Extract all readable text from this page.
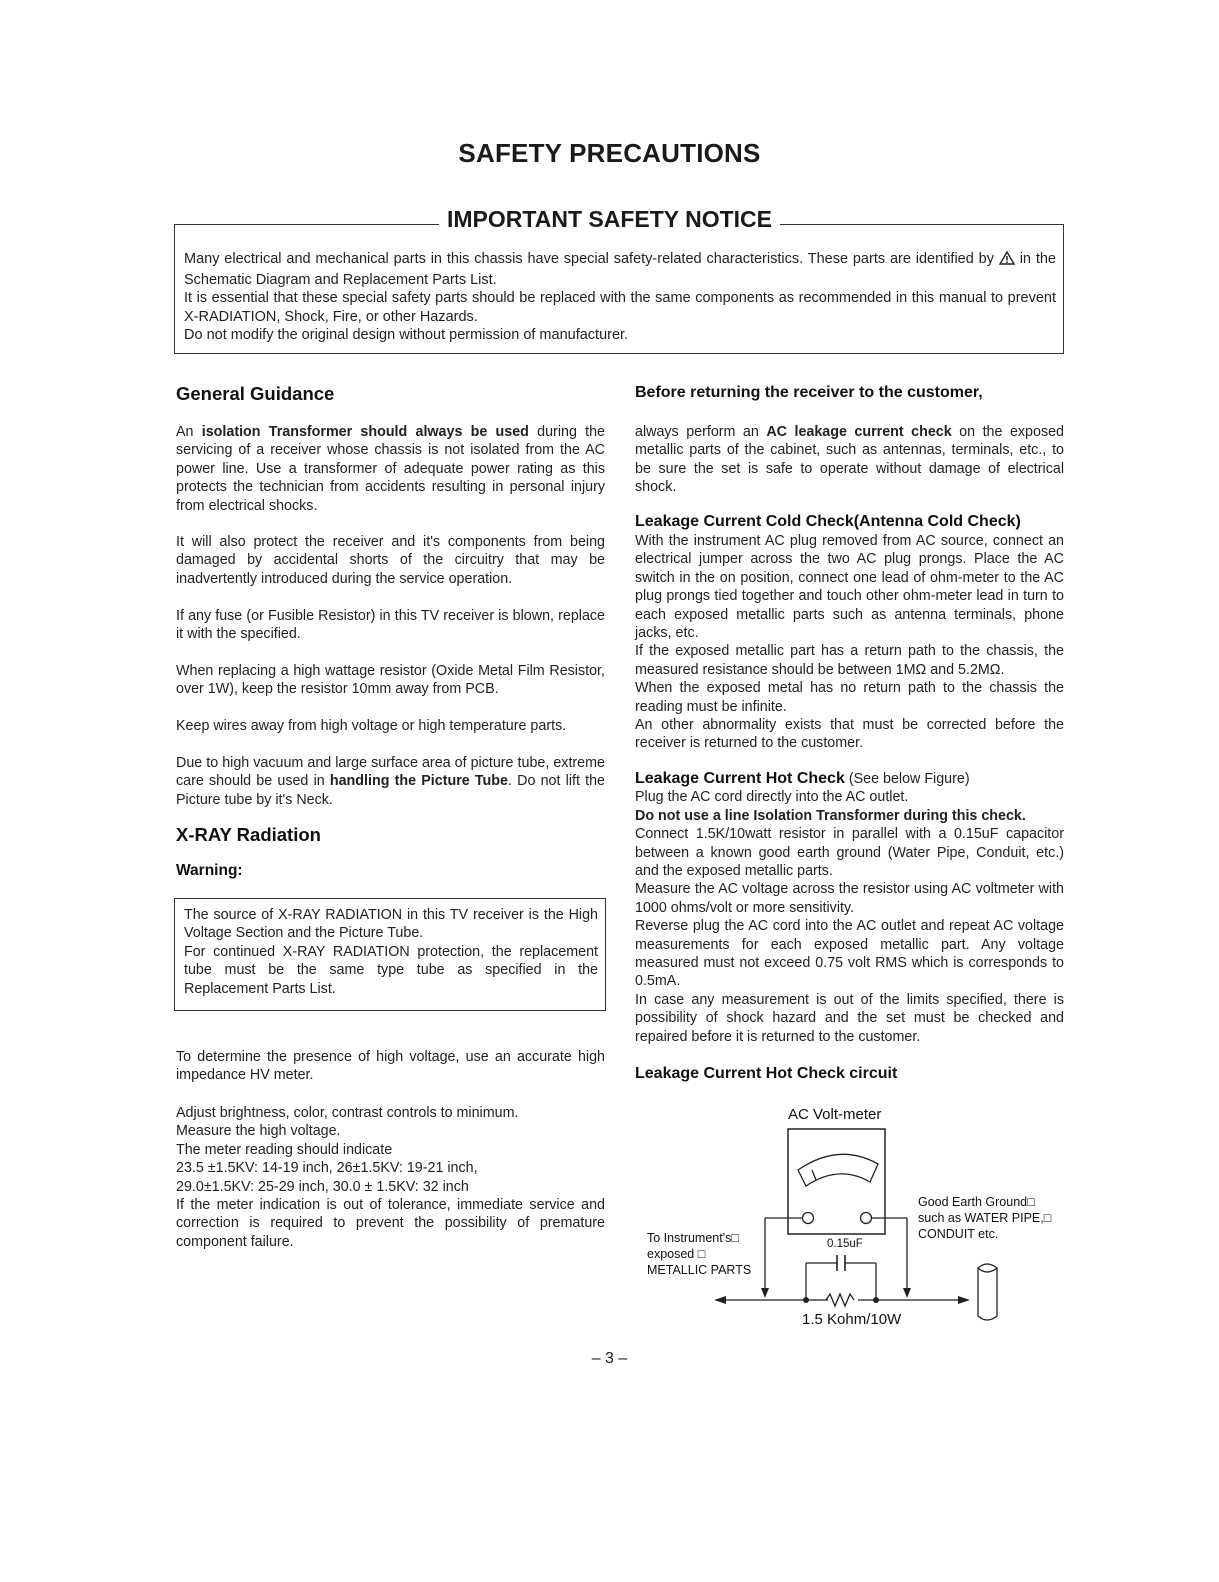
SAFETY PRECAUTIONS
IMPORTANT SAFETY NOTICE

Many electrical and mechanical parts in this chassis have special safety-related characteristics. These parts are identified by in the Schematic Diagram and Replacement Parts List.

It is essential that these special safety parts should be replaced with the same components as recommended in this manual to prevent X-RADIATION, Shock, Fire, or other Hazards.

Do not modify the original design without permission of manufacturer.

General Guidance

An isolation Transformer should always be used during the servicing of a receiver whose chassis is not isolated from the AC power line. Use a transformer of adequate power rating as this protects the technician from accidents resulting in personal injury from electrical shocks.

It will also protect the receiver and it's components from being damaged by accidental shorts of the circuitry that may be inadvertently introduced during the service operation.

If any fuse (or Fusible Resistor) in this TV receiver is blown, replace it with the specified.

When replacing a high wattage resistor (Oxide Metal Film Resistor, over 1W), keep the resistor 10mm away from PCB.

Keep wires away from high voltage or high temperature parts.

Due to high vacuum and large surface area of picture tube, extreme care should be used in handling the Picture Tube. Do not lift the Picture tube by it's Neck.

X-RAY Radiation
Warning:

The source of X-RAY RADIATION in this TV receiver is the High Voltage Section and the Picture Tube.

For continued X-RAY RADIATION protection, the replacement tube must be the same type tube as specified in the Replacement Parts List.

To determine the presence of high voltage, use an accurate high impedance HV meter.

Adjust brightness, color, contrast controls to minimum.

Measure the high voltage.

The meter reading should indicate

23.5 ±1.5KV: 14-19 inch, 26±1.5KV: 19-21 inch,

29.0±1.5KV: 25-29 inch, 30.0 ± 1.5KV: 32 inch

If the meter indication is out of tolerance, immediate service and correction is required to prevent the possibility of premature component failure.

Before returning the receiver to the customer,

always perform an AC leakage current check on the exposed metallic parts of the cabinet, such as antennas, terminals, etc., to be sure the set is safe to operate without damage of electrical shock.

Leakage Current Cold Check(Antenna Cold Check)

With the instrument AC plug removed from AC source, connect an electrical jumper across the two AC plug prongs. Place the AC switch in the on position, connect one lead of ohm-meter to the AC plug prongs tied together and touch other ohm-meter lead in turn to each exposed metallic parts such as antenna terminals, phone jacks, etc.

If the exposed metallic part has a return path to the chassis, the measured resistance should be between 1MΩ and 5.2MΩ.

When the exposed metal has no return path to the chassis the reading must be infinite.

An other abnormality exists that must be corrected before the receiver is returned to the customer.

Leakage Current Hot Check (See below Figure)

Plug the AC cord directly into the AC outlet.

Do not use a line Isolation Transformer during this check.

Connect 1.5K/10watt resistor in parallel with a 0.15uF capacitor between a known good earth ground (Water Pipe, Conduit, etc.) and the exposed metallic parts.

Measure the AC voltage across the resistor using AC voltmeter with 1000 ohms/volt or more sensitivity.

Reverse plug the AC cord into the AC outlet and repeat AC voltage measurements for each exposed metallic part. Any voltage measured must not exceed 0.75 volt RMS which is corresponds to 0.5mA.

In case any measurement is out of the limits specified, there is possibility of shock hazard and the set must be checked and repaired before it is returned to the customer.

Leakage Current Hot Check circuit
AC Volt-meter
0.15uF
Good Earth Ground□
such as WATER PIPE,□
CONDUIT etc.
To Instrument's□
exposed □
METALLIC PARTS
1.5 Kohm/10W
– 3 –
